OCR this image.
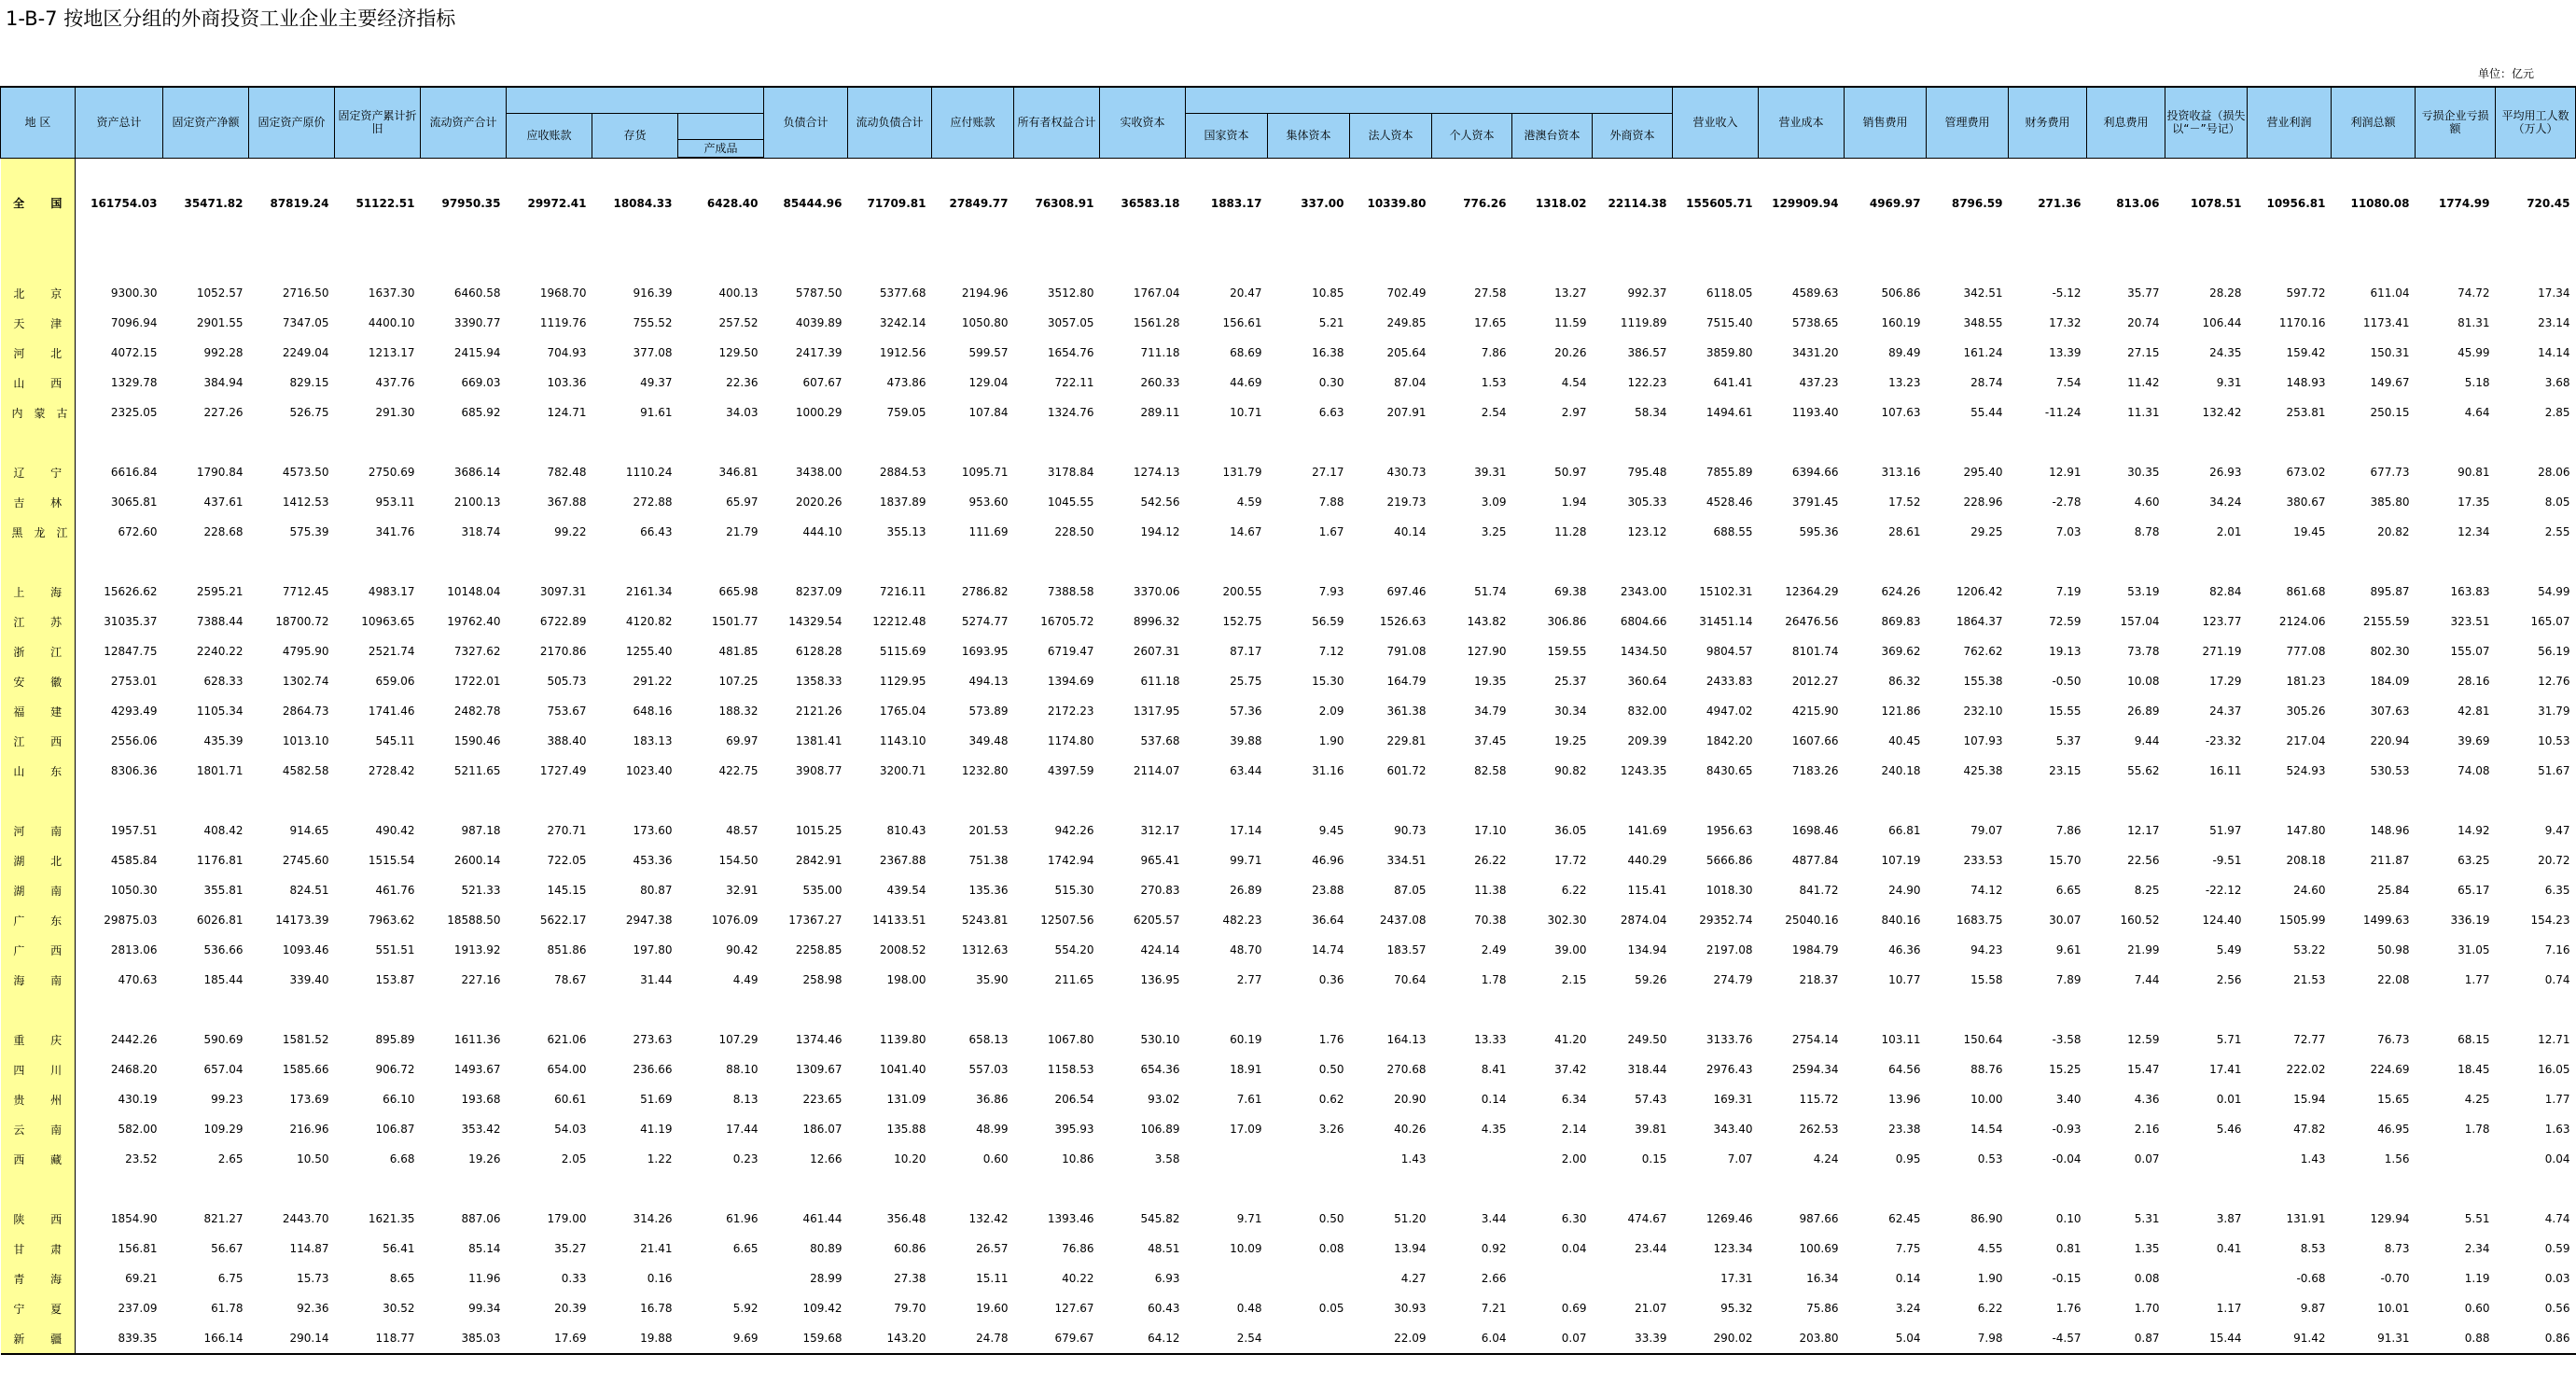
1-B-7 按地区分组的外商投资工业企业主要经济指标
单位：亿元
地 区	资产总计	固定资产净额	固定资产原价	固定资产累计折旧	流动资产合计				负债合计	流动负债合计	应付账款	所有者权益合计	实收资本							营业收入	营业成本	销售费用	管理费用	财务费用	利息费用	投资收益（损失以“－”号记）	营业利润	利润总额	亏损企业亏损额	平均用工人数（万人）
						应收账款	存货							国家资本	集体资本	法人资本	个人资本	港澳台资本	外商资本											
								产成品																						
全 国	161754.03	35471.82	87819.24	51122.51	97950.35	29972.41	18084.33	6428.40	85444.96	71709.81	27849.77	76308.91	36583.18	1883.17	337.00	10339.80	776.26	1318.02	22114.38	155605.71	129909.94	4969.97	8796.59	271.36	813.06	1078.51	10956.81	11080.08	1774.99	720.45

北 京	9300.30	1052.57	2716.50	1637.30	6460.58	1968.70	916.39	400.13	5787.50	5377.68	2194.96	3512.80	1767.04	20.47	10.85	702.49	27.58	13.27	992.37	6118.05	4589.63	506.86	342.51	-5.12	35.77	28.28	597.72	611.04	74.72	17.34
天 津	7096.94	2901.55	7347.05	4400.10	3390.77	1119.76	755.52	257.52	4039.89	3242.14	1050.80	3057.05	1561.28	156.61	5.21	249.85	17.65	11.59	1119.89	7515.40	5738.65	160.19	348.55	17.32	20.74	106.44	1170.16	1173.41	81.31	23.14
河 北	4072.15	992.28	2249.04	1213.17	2415.94	704.93	377.08	129.50	2417.39	1912.56	599.57	1654.76	711.18	68.69	16.38	205.64	7.86	20.26	386.57	3859.80	3431.20	89.49	161.24	13.39	27.15	24.35	159.42	150.31	45.99	14.14
山 西	1329.78	384.94	829.15	437.76	669.03	103.36	49.37	22.36	607.67	473.86	129.04	722.11	260.33	44.69	0.30	87.04	1.53	4.54	122.23	641.41	437.23	13.23	28.74	7.54	11.42	9.31	148.93	149.67	5.18	3.68
内蒙古	2325.05	227.26	526.75	291.30	685.92	124.71	91.61	34.03	1000.29	759.05	107.84	1324.76	289.11	10.71	6.63	207.91	2.54	2.97	58.34	1494.61	1193.40	107.63	55.44	-11.24	11.31	132.42	253.81	250.15	4.64	2.85

辽 宁	6616.84	1790.84	4573.50	2750.69	3686.14	782.48	1110.24	346.81	3438.00	2884.53	1095.71	3178.84	1274.13	131.79	27.17	430.73	39.31	50.97	795.48	7855.89	6394.66	313.16	295.40	12.91	30.35	26.93	673.02	677.73	90.81	28.06
吉 林	3065.81	437.61	1412.53	953.11	2100.13	367.88	272.88	65.97	2020.26	1837.89	953.60	1045.55	542.56	4.59	7.88	219.73	3.09	1.94	305.33	4528.46	3791.45	17.52	228.96	-2.78	4.60	34.24	380.67	385.80	17.35	8.05
黑龙江	672.60	228.68	575.39	341.76	318.74	99.22	66.43	21.79	444.10	355.13	111.69	228.50	194.12	14.67	1.67	40.14	3.25	11.28	123.12	688.55	595.36	28.61	29.25	7.03	8.78	2.01	19.45	20.82	12.34	2.55

上 海	15626.62	2595.21	7712.45	4983.17	10148.04	3097.31	2161.34	665.98	8237.09	7216.11	2786.82	7388.58	3370.06	200.55	7.93	697.46	51.74	69.38	2343.00	15102.31	12364.29	624.26	1206.42	7.19	53.19	82.84	861.68	895.87	163.83	54.99
江 苏	31035.37	7388.44	18700.72	10963.65	19762.40	6722.89	4120.82	1501.77	14329.54	12212.48	5274.77	16705.72	8996.32	152.75	56.59	1526.63	143.82	306.86	6804.66	31451.14	26476.56	869.83	1864.37	72.59	157.04	123.77	2124.06	2155.59	323.51	165.07
浙 江	12847.75	2240.22	4795.90	2521.74	7327.62	2170.86	1255.40	481.85	6128.28	5115.69	1693.95	6719.47	2607.31	87.17	7.12	791.08	127.90	159.55	1434.50	9804.57	8101.74	369.62	762.62	19.13	73.78	271.19	777.08	802.30	155.07	56.19
安 徽	2753.01	628.33	1302.74	659.06	1722.01	505.73	291.22	107.25	1358.33	1129.95	494.13	1394.69	611.18	25.75	15.30	164.79	19.35	25.37	360.64	2433.83	2012.27	86.32	155.38	-0.50	10.08	17.29	181.23	184.09	28.16	12.76
福 建	4293.49	1105.34	2864.73	1741.46	2482.78	753.67	648.16	188.32	2121.26	1765.04	573.89	2172.23	1317.95	57.36	2.09	361.38	34.79	30.34	832.00	4947.02	4215.90	121.86	232.10	15.55	26.89	24.37	305.26	307.63	42.81	31.79
江 西	2556.06	435.39	1013.10	545.11	1590.46	388.40	183.13	69.97	1381.41	1143.10	349.48	1174.80	537.68	39.88	1.90	229.81	37.45	19.25	209.39	1842.20	1607.66	40.45	107.93	5.37	9.44	-23.32	217.04	220.94	39.69	10.53
山 东	8306.36	1801.71	4582.58	2728.42	5211.65	1727.49	1023.40	422.75	3908.77	3200.71	1232.80	4397.59	2114.07	63.44	31.16	601.72	82.58	90.82	1243.35	8430.65	7183.26	240.18	425.38	23.15	55.62	16.11	524.93	530.53	74.08	51.67

河 南	1957.51	408.42	914.65	490.42	987.18	270.71	173.60	48.57	1015.25	810.43	201.53	942.26	312.17	17.14	9.45	90.73	17.10	36.05	141.69	1956.63	1698.46	66.81	79.07	7.86	12.17	51.97	147.80	148.96	14.92	9.47
湖 北	4585.84	1176.81	2745.60	1515.54	2600.14	722.05	453.36	154.50	2842.91	2367.88	751.38	1742.94	965.41	99.71	46.96	334.51	26.22	17.72	440.29	5666.86	4877.84	107.19	233.53	15.70	22.56	-9.51	208.18	211.87	63.25	20.72
湖 南	1050.30	355.81	824.51	461.76	521.33	145.15	80.87	32.91	535.00	439.54	135.36	515.30	270.83	26.89	23.88	87.05	11.38	6.22	115.41	1018.30	841.72	24.90	74.12	6.65	8.25	-22.12	24.60	25.84	65.17	6.35
广 东	29875.03	6026.81	14173.39	7963.62	18588.50	5622.17	2947.38	1076.09	17367.27	14133.51	5243.81	12507.56	6205.57	482.23	36.64	2437.08	70.38	302.30	2874.04	29352.74	25040.16	840.16	1683.75	30.07	160.52	124.40	1505.99	1499.63	336.19	154.23
广 西	2813.06	536.66	1093.46	551.51	1913.92	851.86	197.80	90.42	2258.85	2008.52	1312.63	554.20	424.14	48.70	14.74	183.57	2.49	39.00	134.94	2197.08	1984.79	46.36	94.23	9.61	21.99	5.49	53.22	50.98	31.05	7.16
海 南	470.63	185.44	339.40	153.87	227.16	78.67	31.44	4.49	258.98	198.00	35.90	211.65	136.95	2.77	0.36	70.64	1.78	2.15	59.26	274.79	218.37	10.77	15.58	7.89	7.44	2.56	21.53	22.08	1.77	0.74

重 庆	2442.26	590.69	1581.52	895.89	1611.36	621.06	273.63	107.29	1374.46	1139.80	658.13	1067.80	530.10	60.19	1.76	164.13	13.33	41.20	249.50	3133.76	2754.14	103.11	150.64	-3.58	12.59	5.71	72.77	76.73	68.15	12.71
四 川	2468.20	657.04	1585.66	906.72	1493.67	654.00	236.66	88.10	1309.67	1041.40	557.03	1158.53	654.36	18.91	0.50	270.68	8.41	37.42	318.44	2976.43	2594.34	64.56	88.76	15.25	15.47	17.41	222.02	224.69	18.45	16.05
贵 州	430.19	99.23	173.69	66.10	193.68	60.61	51.69	8.13	223.65	131.09	36.86	206.54	93.02	7.61	0.62	20.90	0.14	6.34	57.43	169.31	115.72	13.96	10.00	3.40	4.36	0.01	15.94	15.65	4.25	1.77
云 南	582.00	109.29	216.96	106.87	353.42	54.03	41.19	17.44	186.07	135.88	48.99	395.93	106.89	17.09	3.26	40.26	4.35	2.14	39.81	343.40	262.53	23.38	14.54	-0.93	2.16	5.46	47.82	46.95	1.78	1.63
西 藏	23.52	2.65	10.50	6.68	19.26	2.05	1.22	0.23	12.66	10.20	0.60	10.86	3.58			1.43		2.00	0.15	7.07	4.24	0.95	0.53	-0.04	0.07		1.43	1.56		0.04

陕 西	1854.90	821.27	2443.70	1621.35	887.06	179.00	314.26	61.96	461.44	356.48	132.42	1393.46	545.82	9.71	0.50	51.20	3.44	6.30	474.67	1269.46	987.66	62.45	86.90	0.10	5.31	3.87	131.91	129.94	5.51	4.74
甘 肃	156.81	56.67	114.87	56.41	85.14	35.27	21.41	6.65	80.89	60.86	26.57	76.86	48.51	10.09	0.08	13.94	0.92	0.04	23.44	123.34	100.69	7.75	4.55	0.81	1.35	0.41	8.53	8.73	2.34	0.59
青 海	69.21	6.75	15.73	8.65	11.96	0.33	0.16		28.99	27.38	15.11	40.22	6.93			4.27	2.66			17.31	16.34	0.14	1.90	-0.15	0.08		-0.68	-0.70	1.19	0.03
宁 夏	237.09	61.78	92.36	30.52	99.34	20.39	16.78	5.92	109.42	79.70	19.60	127.67	60.43	0.48	0.05	30.93	7.21	0.69	21.07	95.32	75.86	3.24	6.22	1.76	1.70	1.17	9.87	10.01	0.60	0.56
新 疆	839.35	166.14	290.14	118.77	385.03	17.69	19.88	9.69	159.68	143.20	24.78	679.67	64.12	2.54		22.09	6.04	0.07	33.39	290.02	203.80	5.04	7.98	-4.57	0.87	15.44	91.42	91.31	0.88	0.86
